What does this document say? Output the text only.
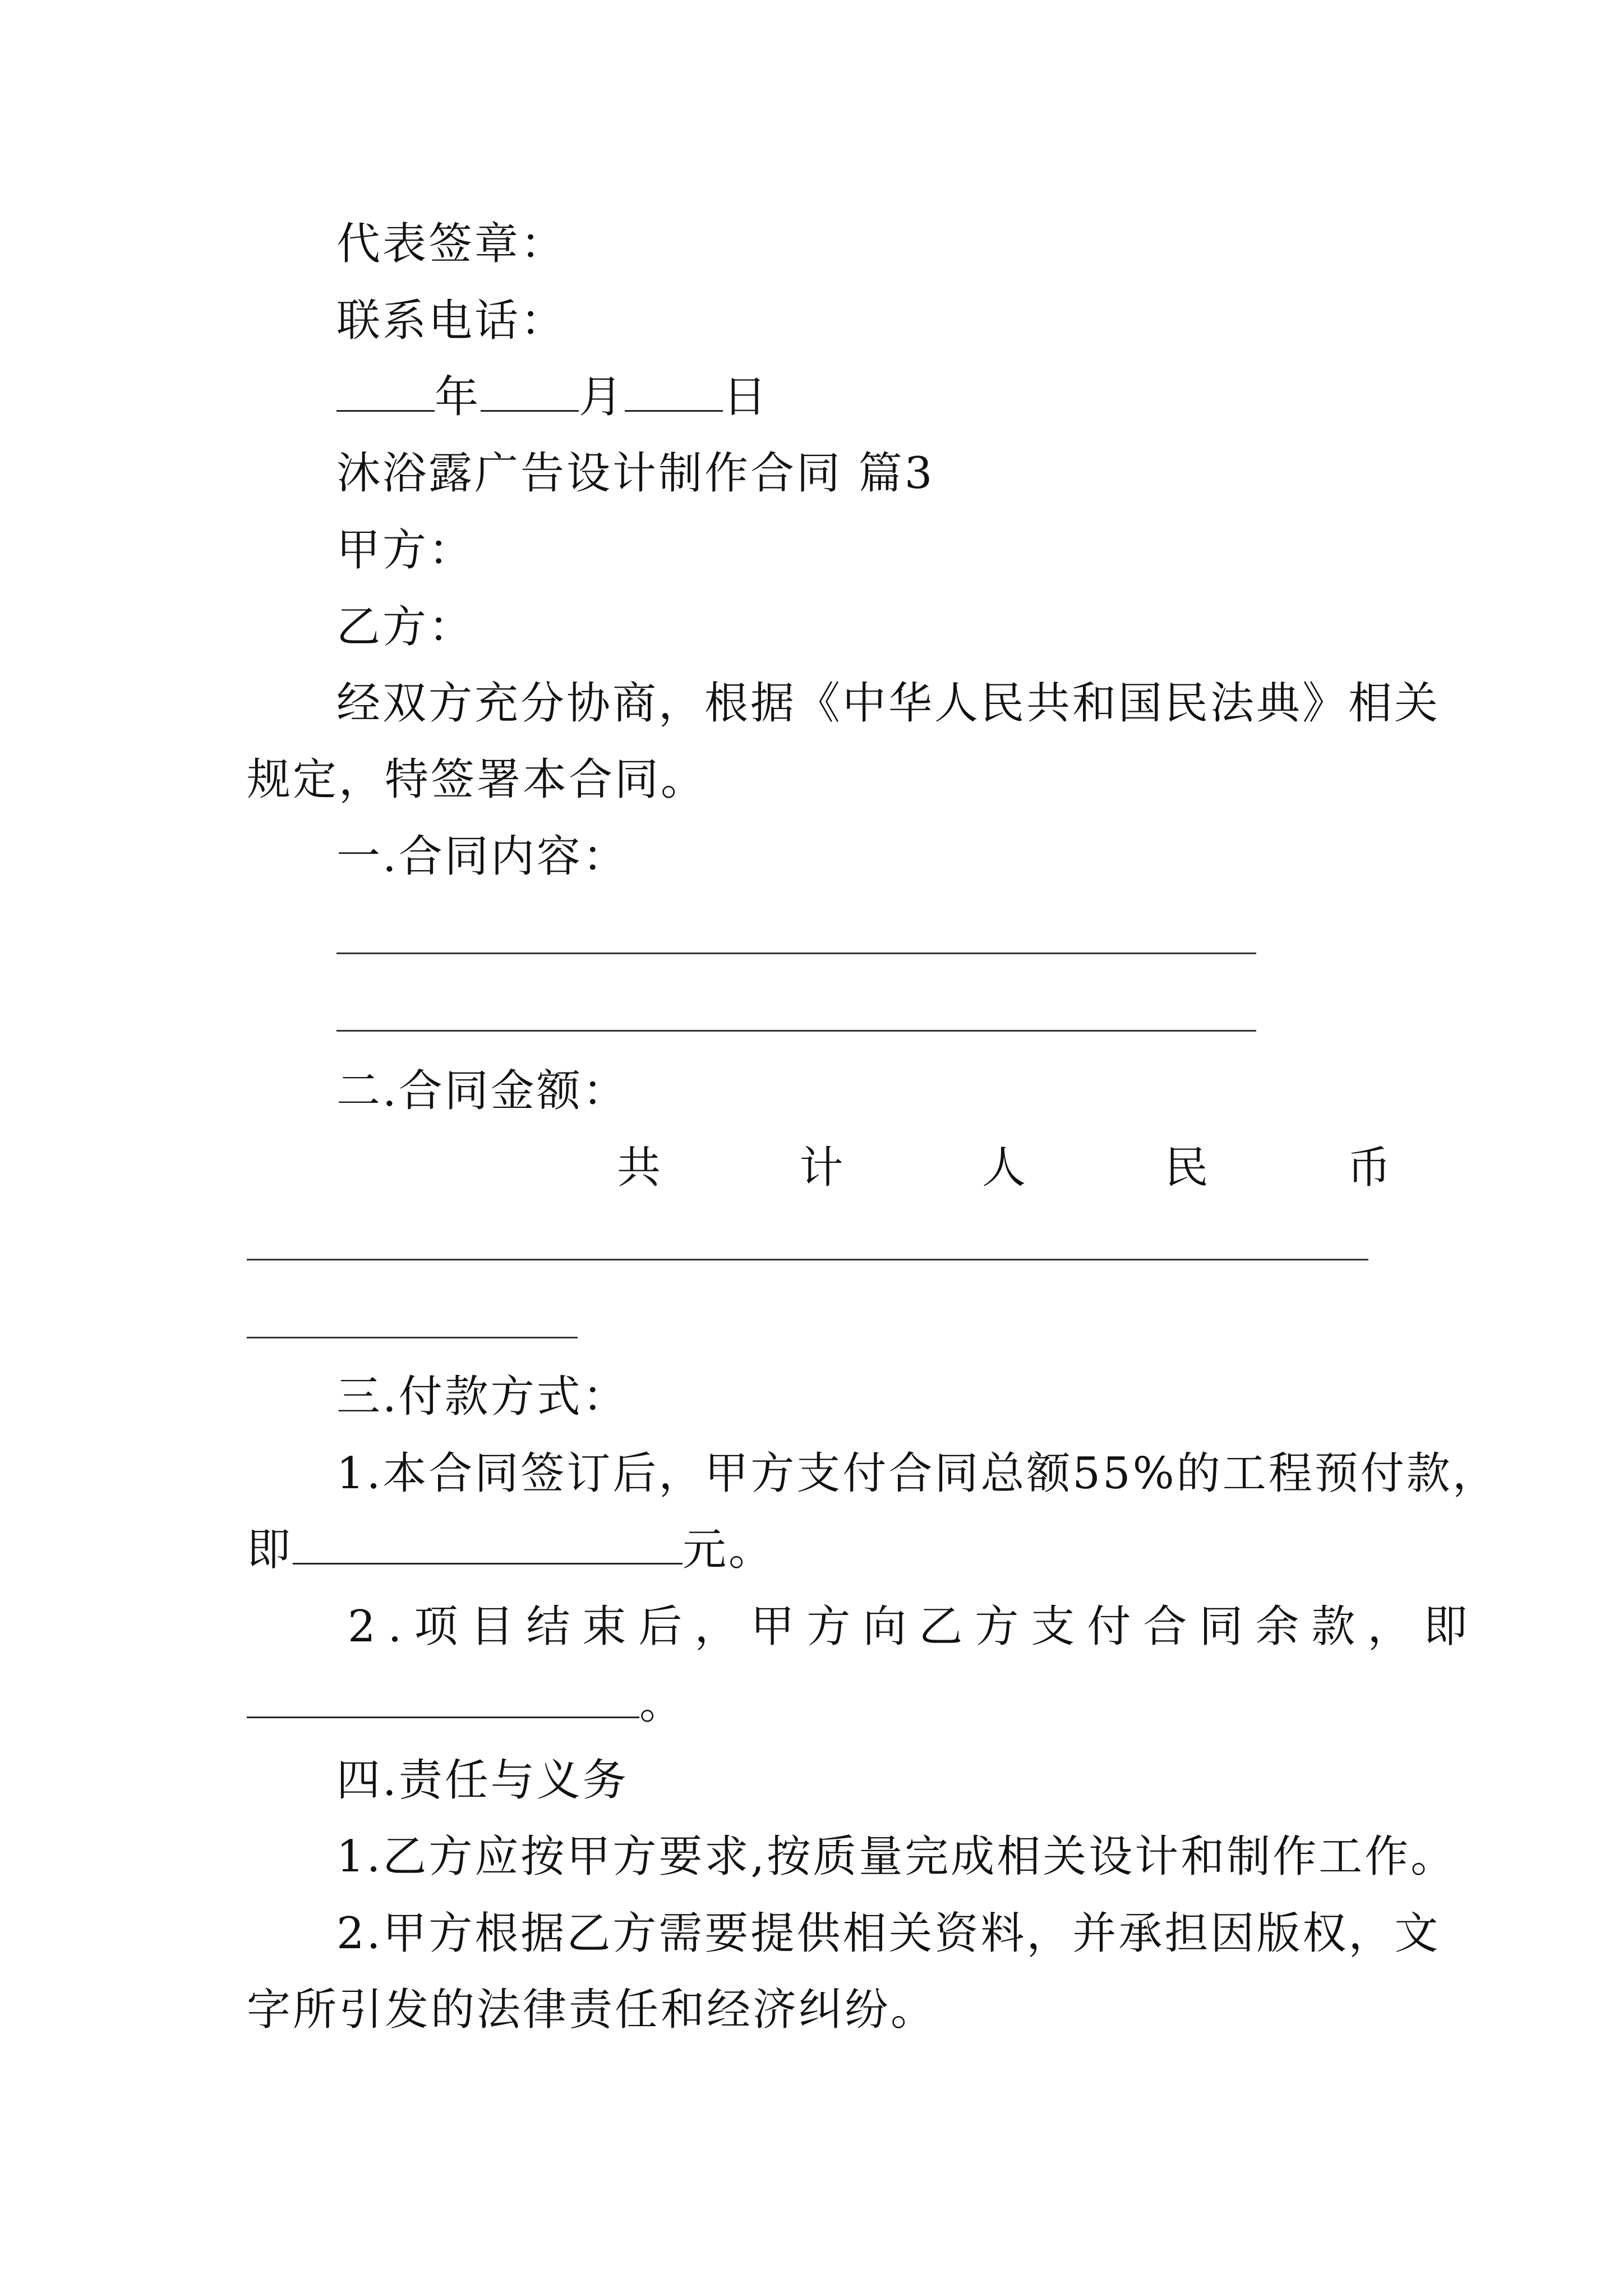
代表签章：
联系电话：
年 月 日
沐浴露广告设计制作合同 篇3
甲方：
乙方：
经双方充分协商，根据《中华人民共和国民法典》相关
规定，特签署本合同。
一.合同内容：
二.合同金额：
共	计	人	民	币
三.付款方式：
1.本合同签订后，甲方支付合同总额55%的工程预付款，
即	元。
2.项目结束后，甲方向乙方支付合同余款，即
。
四.责任与义务
1.乙方应按甲方要求,按质量完成相关设计和制作工作。
2.甲方根据乙方需要提供相关资料，并承担因版权，文
字所引发的法律责任和经济纠纷。
